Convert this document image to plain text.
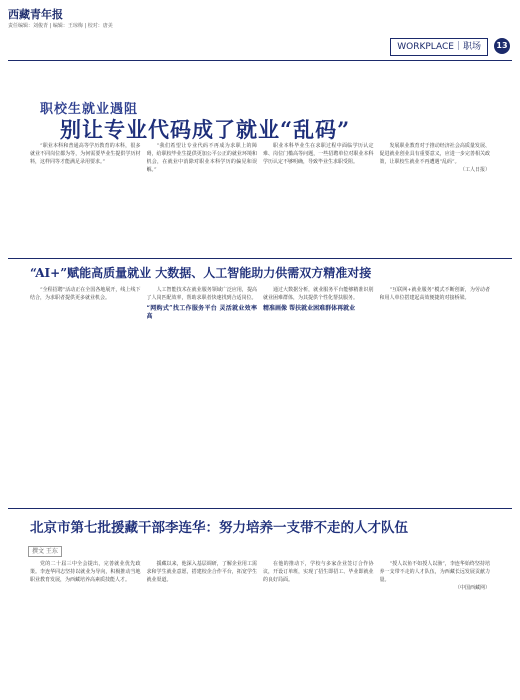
西藏青年报
责任编辑：刘俊青 | 编辑：王琼梅 | 校对：唐美
WORKPLACE｜职场	13
职校生就业遇阻
别让专业代码成了就业“乱码”
“职业本科和普通高等学历教育的本科，很多就业不同岗位都为等，为何需要毕业生提供学历材料，这样同等才能满足录用要求。”
“我们希望让专业代码不再成为求职上的障碍，给职校毕业生提供更加公平公正的就业环境和机会，在就业中消除对职业本科学历的偏见和误解。”
职业本科毕业生在求职过程中面临学历认定难、岗位门槛高等问题，一些招聘单位对职业本科学历认定不够明确，导致毕业生求职受阻。
发展职业教育对于推动经济社会高质量发展、促进就业创业具有重要意义，应进一步完善相关政策，让职校生就业不再遭遇“乱码”。
（工人日报）
“AI+”赋能高质量就业 大数据、人工智能助力供需双方精准对接
“全程招聘”活动正在全国各地展开，线上线下结合，为求职者提供更多就业机会。
人工智能技术在就业服务领域广泛应用，提高了人岗匹配效率，帮助求职者快速找到合适岗位。
“网购式”找工作服务平台 灵活就业效率高
通过大数据分析，就业服务平台能够精准识别就业困难群体，为其提供个性化帮扶服务。
精准画像 帮扶就业困难群体再就业
“互联网+就业服务”模式不断创新，为劳动者和用人单位搭建起高效便捷的对接桥梁。
北京市第七批援藏干部李连华：努力培养一支带不走的人才队伍
撰文 王东
党的二十届三中全会提出，完善就业优先政策。李连华同志坚持以就业为导向，积极推动当地职业教育发展，为西藏培养高素质技能人才。
援藏以来，他深入基层调研，了解企业用工需求和学生就业意愿，搭建校企合作平台，拓宽学生就业渠道。
在他的推动下，学校与多家企业签订合作协议，开设订单班，实现了招生即招工、毕业即就业的良好局面。
“授人以鱼不如授人以渔”，李连华始终坚持培养一支带不走的人才队伍，为西藏长远发展贡献力量。
（中国西藏网）
